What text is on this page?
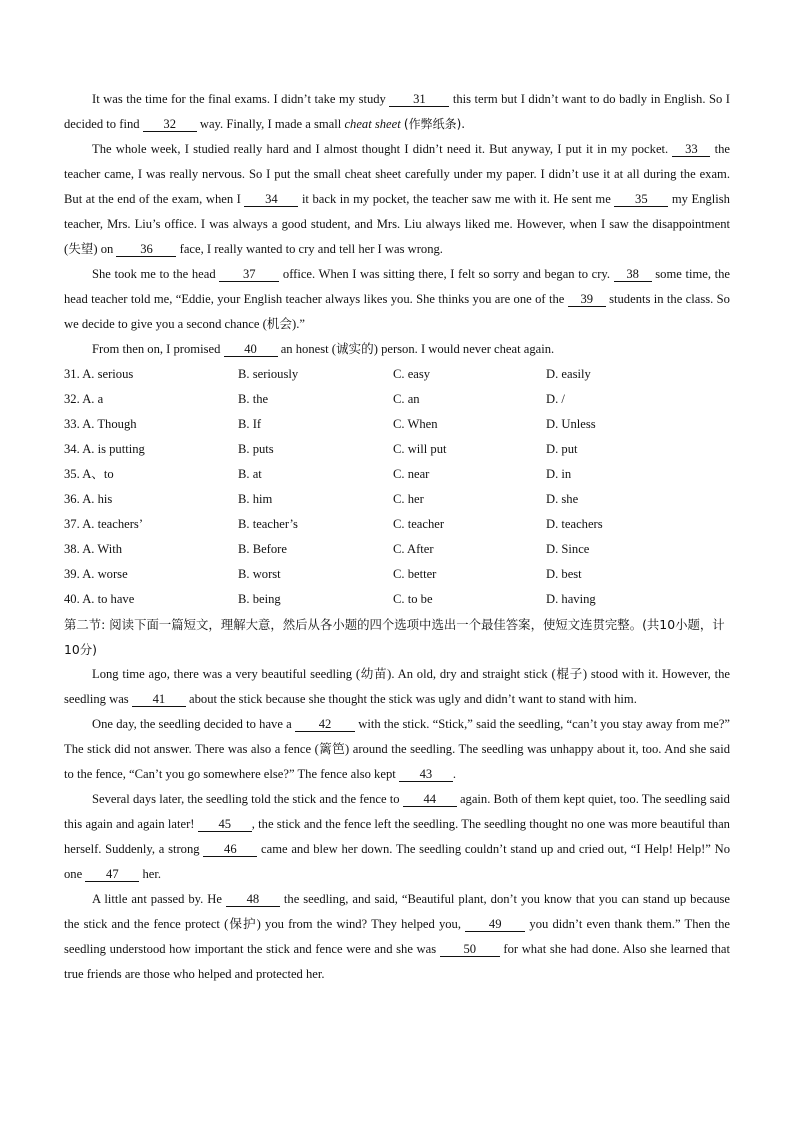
It was the time for the final exams. I didn’t take my study 31 this term but I didn’t want to do badly in English. So I decided to find 32 way. Finally, I made a small cheat sheet (作弊纸条).

The whole week, I studied really hard and I almost thought I didn’t need it. But anyway, I put it in my pocket. 33 the teacher came, I was really nervous. So I put the small cheat sheet carefully under my paper. I didn’t use it at all during the exam. But at the end of the exam, when I 34 it back in my pocket, the teacher saw me with it. He sent me 35 my English teacher, Mrs. Liu’s office. I was always a good student, and Mrs. Liu always liked me. However, when I saw the disappointment (失望) on 36 face, I really wanted to cry and tell her I was wrong.

She took me to the head 37 office. When I was sitting there, I felt so sorry and began to cry. 38 some time, the head teacher told me, “Eddie, your English teacher always likes you. She thinks you are one of the 39 students in the class. So we decide to give you a second chance (机会).”

From then on, I promised 40 an honest (诚实的) person. I would never cheat again.

31. A. serious	B. seriously	C. easy	D. easily
32. A. a	B. the	C. an	D. /
33. A. Though	B. If	C. When	D. Unless
34. A. is putting	B. puts	C. will put	D. put
35. A、to	B. at	C. near	D. in
36. A. his	B. him	C. her	D. she
37. A. teachers’	B. teacher’s	C. teacher	D. teachers
38. A. With	B. Before	C. After	D. Since
39. A. worse	B. worst	C. better	D. best
40. A. to have	B. being	C. to be	D. having

第二节: 阅读下面一篇短文，理解大意，然后从各小题的四个选项中选出一个最佳答案，使短文连贯完整。(共10小题，计10分)

Long time ago, there was a very beautiful seedling (幼苗). An old, dry and straight stick (棍子) stood with it. However, the seedling was 41 about the stick because she thought the stick was ugly and didn’t want to stand with him.

One day, the seedling decided to have a 42 with the stick. “Stick,” said the seedling, “can’t you stay away from me?” The stick did not answer. There was also a fence (篱笆) around the seedling. The seedling was unhappy about it, too. And she said to the fence, “Can’t you go somewhere else?” The fence also kept 43 .

Several days later, the seedling told the stick and the fence to 44 again. Both of them kept quiet, too. The seedling said this again and again later! 45 , the stick and the fence left the seedling. The seedling thought no one was more beautiful than herself. Suddenly, a strong 46 came and blew her down. The seedling couldn’t stand up and cried out, “I Help! Help!” No one 47 her.

A little ant passed by. He 48 the seedling, and said, “Beautiful plant, don’t you know that you can stand up because the stick and the fence protect (保护) you from the wind? They helped you, 49 you didn’t even thank them.” Then the seedling understood how important the stick and fence were and she was 50 for what she had done. Also she learned that true friends are those who helped and protected her.
